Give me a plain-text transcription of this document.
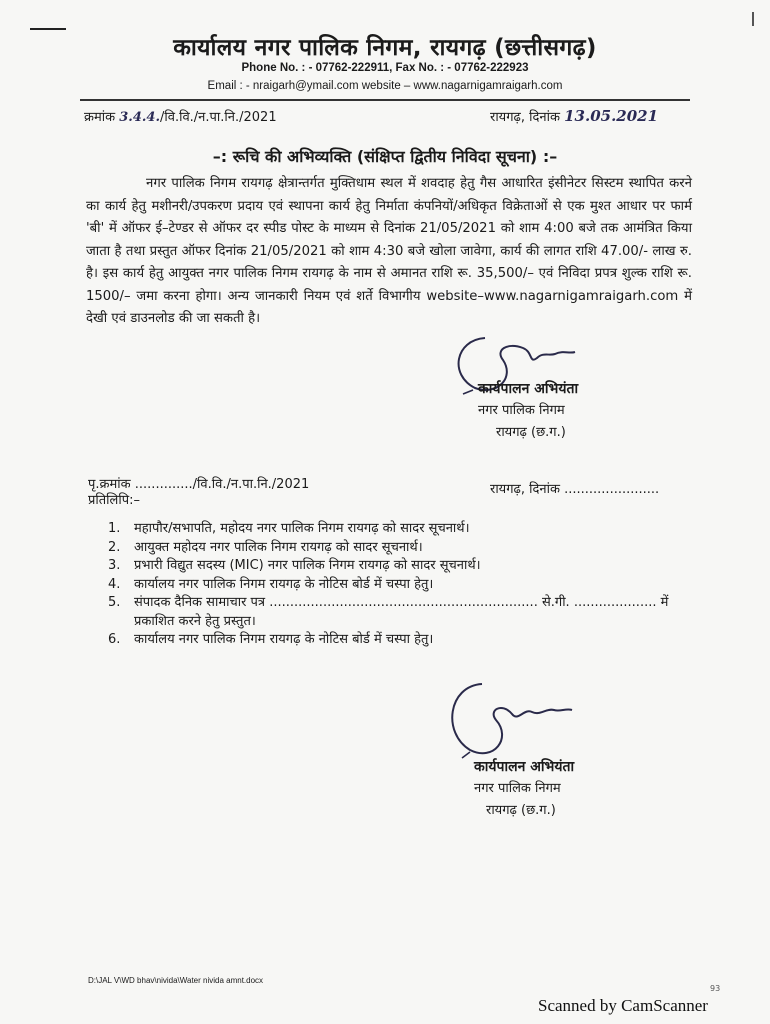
कार्यालय नगर पालिक निगम, रायगढ़ (छत्तीसगढ़)
Phone No. : - 07762-222911, Fax No. : - 07762-222923
Email : - nraigarh@ymail.com website – www.nagarnigamraigarh.com
क्रमांक 3.4.4./वि.वि./न.पा.नि./2021	रायगढ़, दिनांक 13.05.2021
–: रूचि की अभिव्यक्ति (संक्षिप्त द्वितीय निविदा सूचना) :–

नगर पालिक निगम रायगढ़ क्षेत्रान्तर्गत मुक्तिधाम स्थल में शवदाह हेतु गैस आधारित इंसीनेटर सिस्टम स्थापित करने का कार्य हेतु मशीनरी/उपकरण प्रदाय एवं स्थापना कार्य हेतु निर्माता कंपनियों/अधिकृत विक्रेताओं से एक मुश्त आधार पर फार्म 'बी' में ऑफर ई–टेण्डर से ऑफर दर स्पीड पोस्ट के माध्यम से दिनांक 21/05/2021 को शाम 4:00 बजे तक आमंत्रित किया जाता है तथा प्रस्तुत ऑफर दिनांक 21/05/2021 को शाम 4:30 बजे खोला जावेगा, कार्य की लागत राशि 47.00/- लाख रु. है। इस कार्य हेतु आयुक्त नगर पालिक निगम रायगढ़ के नाम से अमानत राशि रू. 35,500/– एवं निविदा प्रपत्र शुल्क राशि रू. 1500/– जमा करना होगा। अन्य जानकारी नियम एवं शर्ते विभागीय website–www.nagarnigamraigarh.com में देखी एवं डाउनलोड की जा सकती है।

कार्यपालन अभियंता
नगर पालिक निगम
रायगढ़ (छ.ग.)
पृ.क्रमांक ............../वि.वि./न.पा.नि./2021	रायगढ़, दिनांक .......................
प्रतिलिपि:–
1.	महापौर/सभापति, महोदय नगर पालिक निगम रायगढ़ को सादर सूचनार्थ।
2.	आयुक्त महोदय नगर पालिक निगम रायगढ़ को सादर सूचनार्थ।
3.	प्रभारी विद्युत सदस्य (MIC) नगर पालिक निगम रायगढ़ को सादर सूचनार्थ।
4.	कार्यालय नगर पालिक निगम रायगढ़ के नोटिस बोर्ड में चस्पा हेतु।
5.	संपादक दैनिक सामाचार पत्र ................................................................. से.गी. .................... में प्रकाशित करने हेतु प्रस्तुत।
6.	कार्यालय नगर पालिक निगम रायगढ़ के नोटिस बोर्ड में चस्पा हेतु।
कार्यपालन अभियंता
नगर पालिक निगम
रायगढ़ (छ.ग.)
D:\JAL V\WD bhav\nivida\Water nivida amnt.docx
93
Scanned by CamScanner
